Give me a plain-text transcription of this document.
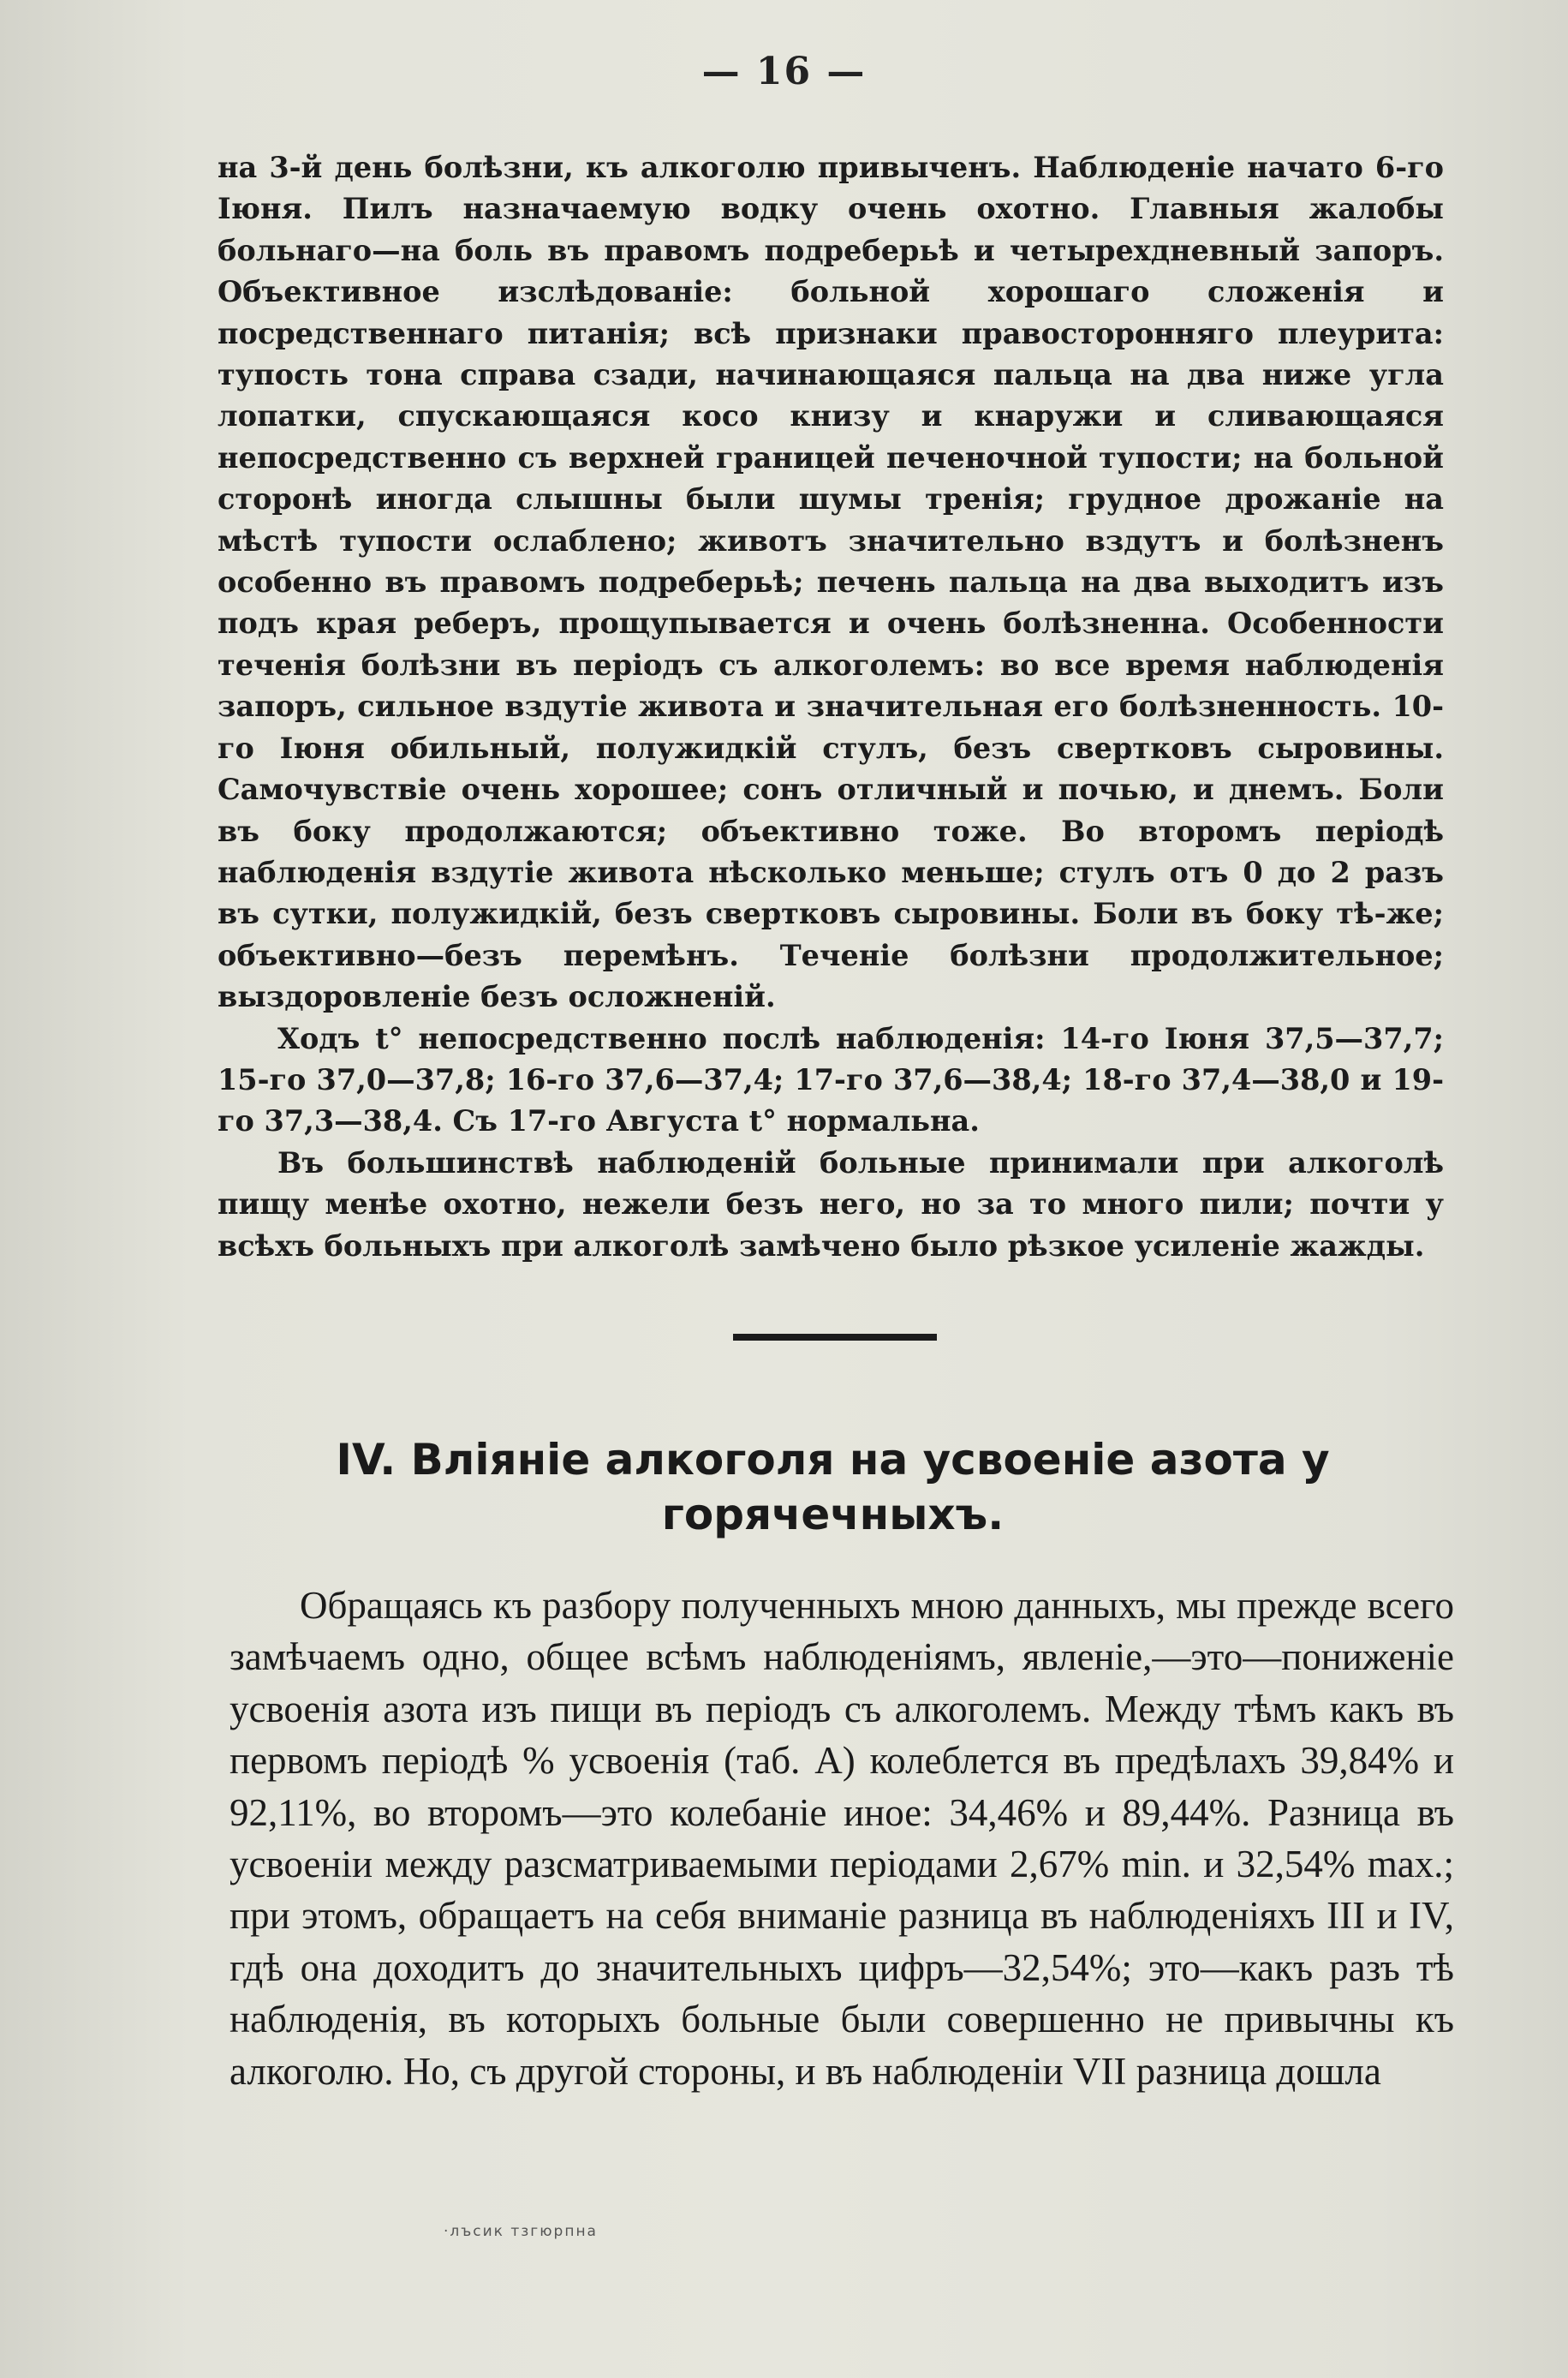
— 16 —

на 3-й день болѣзни, къ алкоголю привыченъ. Наблюденіе начато 6-го Іюня. Пилъ назначаемую водку очень охотно. Главныя жалобы больнаго—на боль въ правомъ подреберьѣ и четырехдневный запоръ. Объективное изслѣдованіе: больной хорошаго сложенія и посредственнаго питанія; всѣ признаки правосторонняго плеурита: тупость тона справа сзади, начинающаяся пальца на два ниже угла лопатки, спускающаяся косо книзу и кнаружи и сливающаяся непосредственно съ верхней границей печеночной тупости; на больной сторонѣ иногда слышны были шумы тренія; грудное дрожаніе на мѣстѣ тупости ослаблено; животъ значительно вздутъ и болѣзненъ особенно въ правомъ подреберьѣ; печень пальца на два выходитъ изъ подъ края реберъ, прощупывается и очень болѣзненна. Особенности теченія болѣзни въ періодъ съ алкоголемъ: во все время наблюденія запоръ, сильное вздутіе живота и значительная его болѣзненность. 10-го Іюня обильный, полужидкій стулъ, безъ свертковъ сыровины. Самочувствіе очень хорошее; сонъ отличный и почью, и днемъ. Боли въ боку продолжаются; объективно тоже. Во второмъ періодѣ наблюденія вздутіе живота нѣсколько меньше; стулъ отъ 0 до 2 разъ въ сутки, полужидкій, безъ свертковъ сыровины. Боли въ боку тѣ-же; объективно—безъ перемѣнъ. Теченіе болѣзни продолжительное; выздоровленіе безъ осложненій.

Ходъ t° непосредственно послѣ наблюденія: 14-го Іюня 37,5—37,7; 15-го 37,0—37,8; 16-го 37,6—37,4; 17-го 37,6—38,4; 18-го 37,4—38,0 и 19-го 37,3—38,4. Съ 17-го Августа t° нормальна.

Въ большинствѣ наблюденій больные принимали при алкоголѣ пищу менѣе охотно, нежели безъ него, но за то много пили; почти у всѣхъ больныхъ при алкоголѣ замѣчено было рѣзкое усиленіе жажды.

IV. Вліяніе алкоголя на усвоеніе азота у горячечныхъ.

Обращаясь къ разбору полученныхъ мною данныхъ, мы прежде всего замѣчаемъ одно, общее всѣмъ наблюденіямъ, явленіе,—это—пониженіе усвоенія азота изъ пищи въ періодъ съ алкоголемъ. Между тѣмъ какъ въ первомъ періодѣ % усвоенія (таб. А) колеблется въ предѣлахъ 39,84% и 92,11%, во второмъ—это колебаніе иное: 34,46% и 89,44%. Разница въ усвоеніи между разсматриваемыми періодами 2,67% min. и 32,54% max.; при этомъ, обращаетъ на себя вниманіе разница въ наблюденіяхъ III и IV, гдѣ она доходитъ до значительныхъ цифръ—32,54%; это—какъ разъ тѣ наблюденія, въ которыхъ больные были совершенно не привычны къ алкоголю. Но, съ другой стороны, и въ наблюденіи VII разница дошла

·лъсик тзгюрпна
